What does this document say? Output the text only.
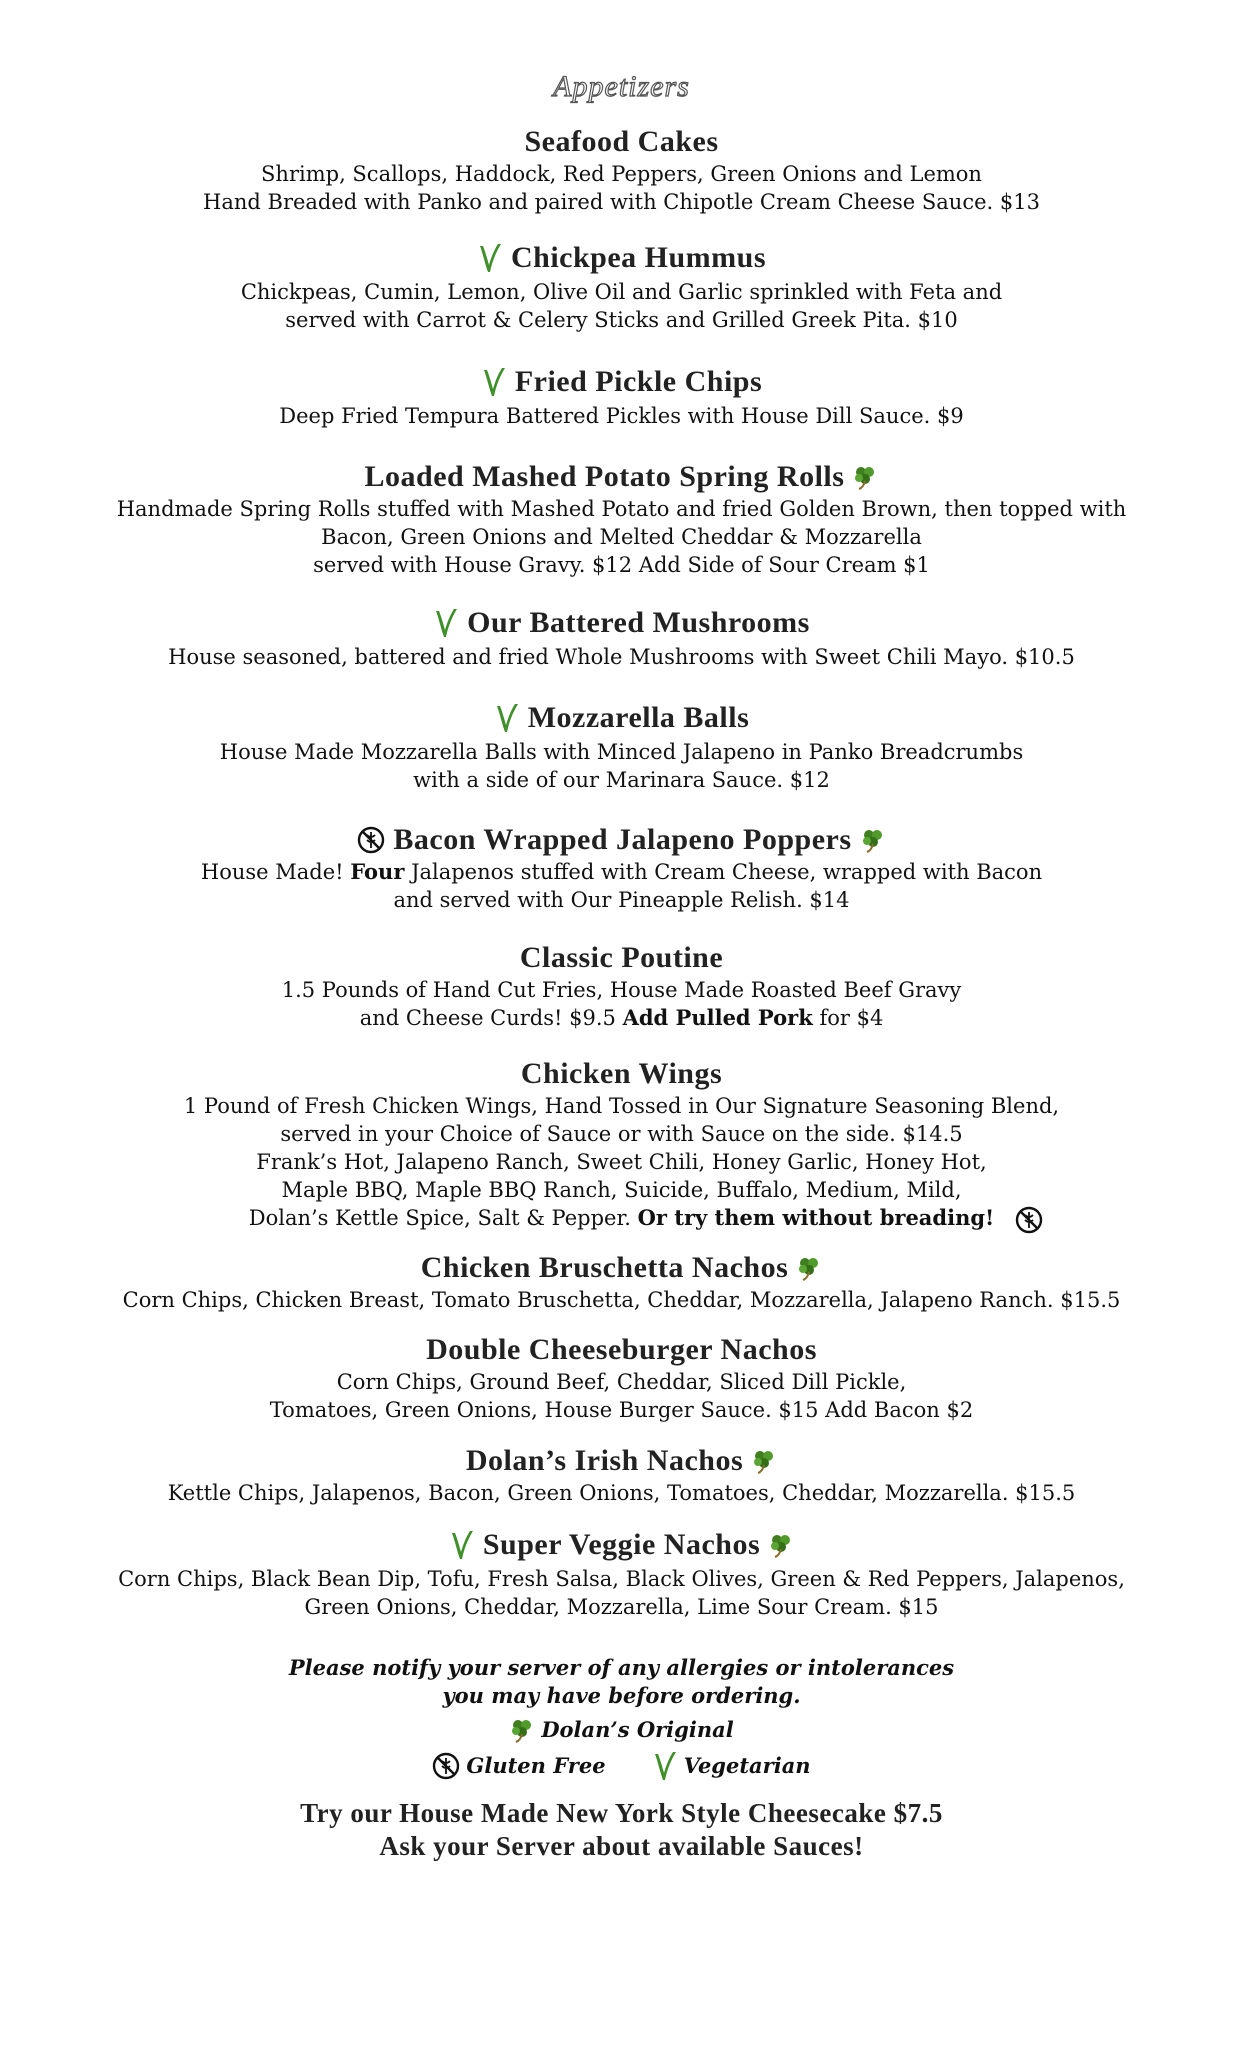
Appetizers
Seafood Cakes
Shrimp, Scallops, Haddock, Red Peppers, Green Onions and Lemon
Hand Breaded with Panko and paired with Chipotle Cream Cheese Sauce. $13
Chickpea Hummus
Chickpeas, Cumin, Lemon, Olive Oil and Garlic sprinkled with Feta and
served with Carrot & Celery Sticks and Grilled Greek Pita. $10
Fried Pickle Chips
Deep Fried Tempura Battered Pickles with House Dill Sauce. $9
Loaded Mashed Potato Spring Rolls
Handmade Spring Rolls stuffed with Mashed Potato and fried Golden Brown, then topped with
Bacon, Green Onions and Melted Cheddar & Mozzarella
served with House Gravy. $12 Add Side of Sour Cream $1
Our Battered Mushrooms
House seasoned, battered and fried Whole Mushrooms with Sweet Chili Mayo. $10.5
Mozzarella Balls
House Made Mozzarella Balls with Minced Jalapeno in Panko Breadcrumbs
with a side of our Marinara Sauce. $12
Bacon Wrapped Jalapeno Poppers
House Made! Four Jalapenos stuffed with Cream Cheese, wrapped with Bacon
and served with Our Pineapple Relish. $14
Classic Poutine
1.5 Pounds of Hand Cut Fries, House Made Roasted Beef Gravy
and Cheese Curds! $9.5 Add Pulled Pork for $4
Chicken Wings
1 Pound of Fresh Chicken Wings, Hand Tossed in Our Signature Seasoning Blend,
served in your Choice of Sauce or with Sauce on the side. $14.5
Frank’s Hot, Jalapeno Ranch, Sweet Chili, Honey Garlic, Honey Hot,
Maple BBQ, Maple BBQ Ranch, Suicide, Buffalo, Medium, Mild,
Dolan’s Kettle Spice, Salt & Pepper. Or try them without breading!
Chicken Bruschetta Nachos
Corn Chips, Chicken Breast, Tomato Bruschetta, Cheddar, Mozzarella, Jalapeno Ranch. $15.5
Double Cheeseburger Nachos
Corn Chips, Ground Beef, Cheddar, Sliced Dill Pickle,
Tomatoes, Green Onions, House Burger Sauce. $15 Add Bacon $2
Dolan’s Irish Nachos
Kettle Chips, Jalapenos, Bacon, Green Onions, Tomatoes, Cheddar, Mozzarella. $15.5
Super Veggie Nachos
Corn Chips, Black Bean Dip, Tofu, Fresh Salsa, Black Olives, Green & Red Peppers, Jalapenos,
Green Onions, Cheddar, Mozzarella, Lime Sour Cream. $15
Please notify your server of any allergies or intolerances
you may have before ordering.
Dolan’s Original
Gluten Free	Vegetarian
Try our House Made New York Style Cheesecake $7.5
Ask your Server about available Sauces!
